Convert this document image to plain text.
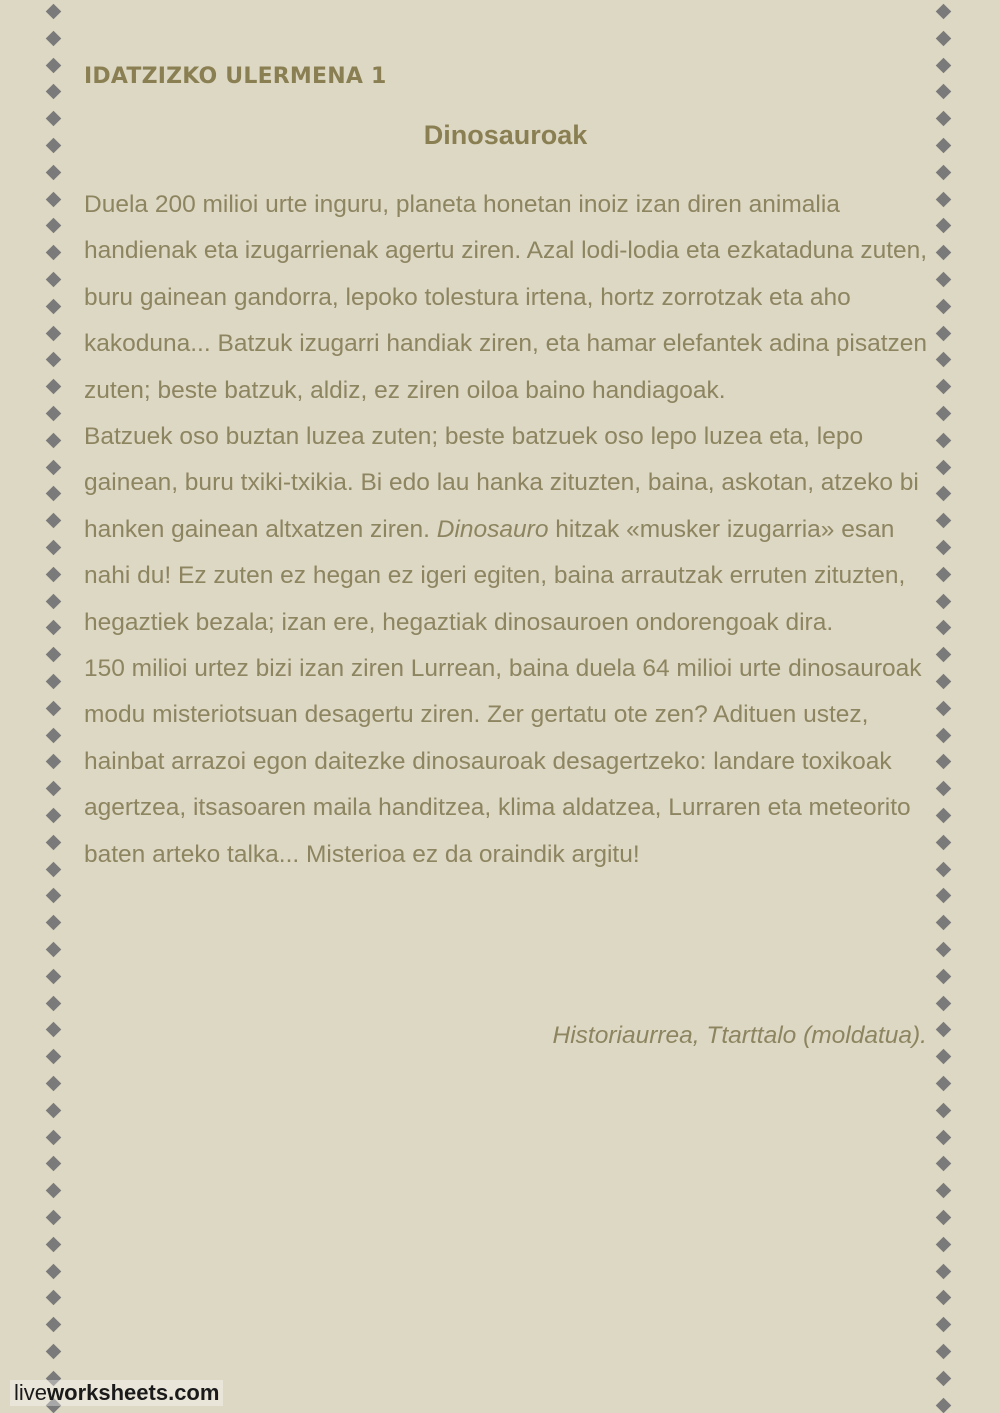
IDATZIZKO ULERMENA 1
Dinosauroak

Duela 200 milioi urte inguru, planeta honetan inoiz izan diren animalia handienak eta izugarrienak agertu ziren. Azal lodi-lodia eta ezkataduna zuten, buru gainean gandorra, lepoko tolestura irtena, hortz zorrotzak eta aho kakoduna... Batzuk izugarri handiak ziren, eta hamar elefantek adina pisatzen zuten; beste batzuk, aldiz, ez ziren oiloa baino handiagoak.

Batzuek oso buztan luzea zuten; beste batzuek oso lepo luzea eta, lepo gainean, buru txiki-txikia. Bi edo lau hanka zituzten, baina, askotan, atzeko bi hanken gainean altxatzen ziren. Dinosauro hitzak «musker izugarria» esan nahi du! Ez zuten ez hegan ez igeri egiten, baina arrautzak erruten zituzten, hegaztiek bezala; izan ere, hegaztiak dinosauroen ondorengoak dira.

150 milioi urtez bizi izan ziren Lurrean, baina duela 64 milioi urte dinosauroak modu misteriotsuan desagertu ziren. Zer gertatu ote zen? Adituen ustez, hainbat arrazoi egon daitezke dinosauroak desagertzeko: landare toxikoak agertzea, itsasoaren maila handitzea, klima aldatzea, Lurraren eta meteorito baten arteko talka... Misterioa ez da oraindik argitu!

Historiaurrea, Ttarttalo (moldatua).
liveworksheets.com
